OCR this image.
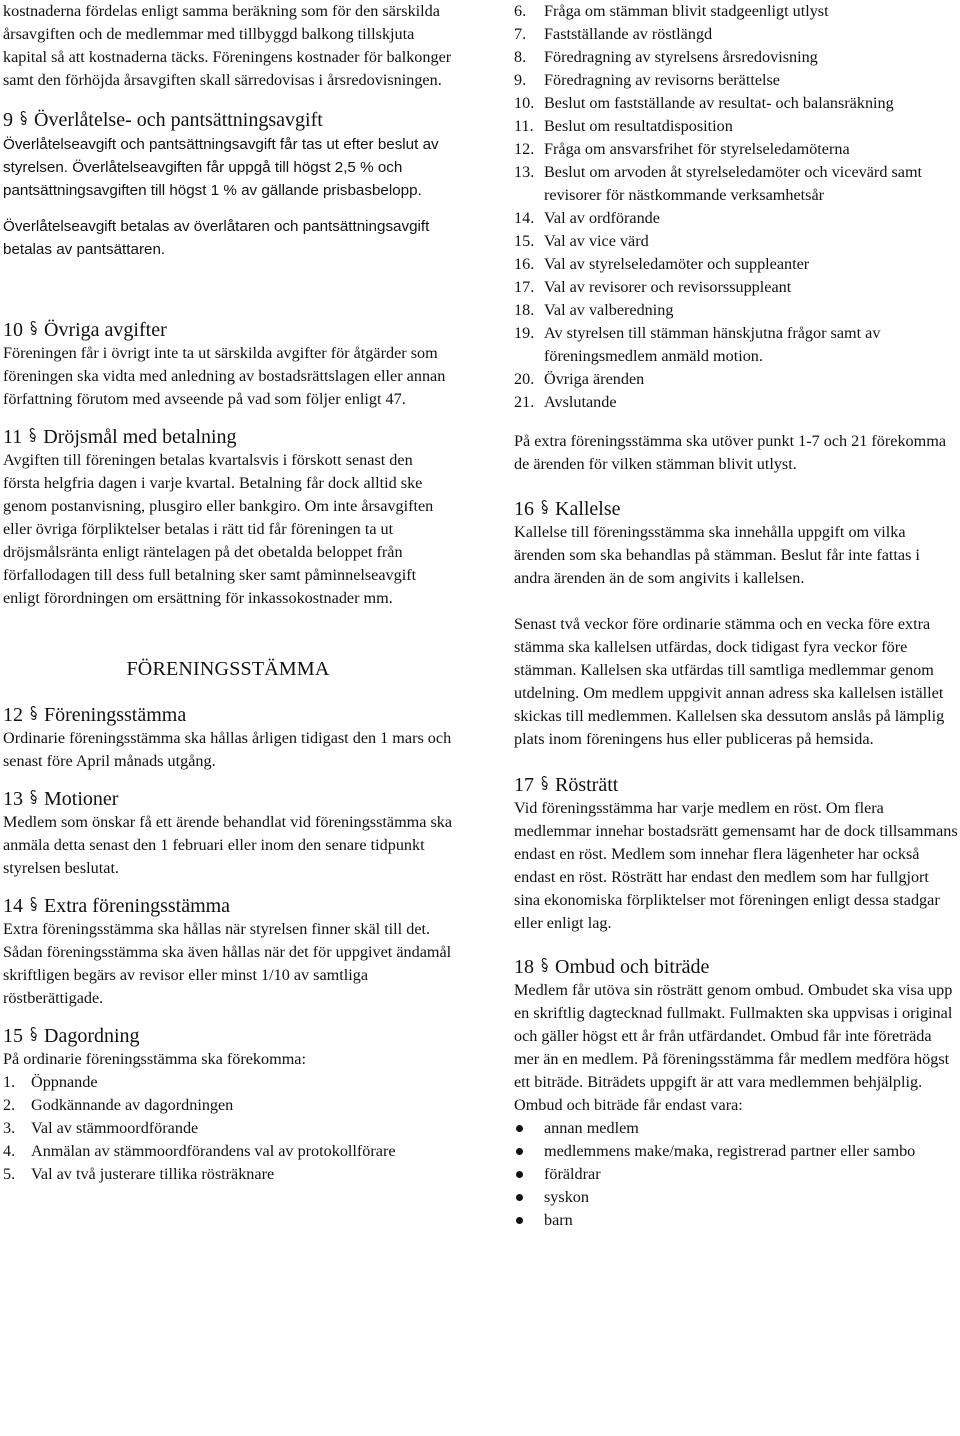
kostnaderna fördelas enligt samma beräkning som för den särskilda årsavgiften och de medlemmar med tillbyggd balkong tillskjuta kapital så att kostnaderna täcks. Föreningens kostnader för balkonger samt den förhöjda årsavgiften skall särredovisas i årsredovisningen.

9 Överlåtelse- och pantsättningsavgift

Överlåtelseavgift och pantsättningsavgift får tas ut efter beslut av styrelsen. Överlåtelseavgiften får uppgå till högst 2,5 % och pantsättningsavgiften till högst 1 % av gällande prisbasbelopp.

Överlåtelseavgift betalas av överlåtaren och pantsättningsavgift betalas av pantsättaren.

10 Övriga avgifter

Föreningen får i övrigt inte ta ut särskilda avgifter för åtgärder som föreningen ska vidta med anledning av bostadsrättslagen eller annan författning förutom med avseende på vad som följer enligt 47.

11 Dröjsmål med betalning

Avgiften till föreningen betalas kvartalsvis i förskott senast den första helgfria dagen i varje kvartal. Betalning får dock alltid ske genom postanvisning, plusgiro eller bankgiro. Om inte årsavgiften eller övriga förpliktelser betalas i rätt tid får föreningen ta ut dröjsmålsränta enligt räntelagen på det obetalda beloppet från förfallodagen till dess full betalning sker samt påminnelseavgift enligt förordningen om ersättning för inkassokostnader mm.

FÖRENINGSSTÄMMA

12 Föreningsstämma

Ordinarie föreningsstämma ska hållas årligen tidigast den 1 mars och senast före April månads utgång.

13 Motioner

Medlem som önskar få ett ärende behandlat vid föreningsstämma ska anmäla detta senast den 1 februari eller inom den senare tidpunkt styrelsen beslutat.

14 Extra föreningsstämma

Extra föreningsstämma ska hållas när styrelsen finner skäl till det. Sådan föreningsstämma ska även hållas när det för uppgivet ändamål skriftligen begärs av revisor eller minst 1/10 av samtliga röstberättigade.

15 Dagordning

På ordinarie föreningsstämma ska förekomma:

1. Öppnande
2. Godkännande av dagordningen
3. Val av stämmoordförande
4. Anmälan av stämmoordförandens val av protokollförare
5. Val av två justerare tillika rösträknare
6.	Fråga om stämman blivit stadgeenligt utlyst
7.	Fastställande av röstlängd
8.	Föredragning av styrelsens årsredovisning
9.	Föredragning av revisorns berättelse
10. Beslut om fastställande av resultat- och balansräkning
11. Beslut om resultatdisposition
12. Fråga om ansvarsfrihet för styrelseledamöterna
13. Beslut om arvoden åt styrelseledamöter och vicevärd samt revisorer för nästkommande verksamhetsår
14. Val av ordförande
15. Val av vice värd
16. Val av styrelseledamöter och suppleanter
17. Val av revisorer och revisorssuppleant
18. Val av valberedning
19. Av styrelsen till stämman hänskjutna frågor samt av föreningsmedlem anmäld motion.
20. Övriga ärenden
21. Avslutande

På extra föreningsstämma ska utöver punkt 1-7 och 21 förekomma de ärenden för vilken stämman blivit utlyst.

16 Kallelse

Kallelse till föreningsstämma ska innehålla uppgift om vilka ärenden som ska behandlas på stämman. Beslut får inte fattas i andra ärenden än de som angivits i kallelsen.

Senast två veckor före ordinarie stämma och en vecka före extra stämma ska kallelsen utfärdas, dock tidigast fyra veckor före stämman. Kallelsen ska utfärdas till samtliga medlemmar genom utdelning. Om medlem uppgivit annan adress ska kallelsen istället skickas till medlemmen. Kallelsen ska dessutom anslås på lämplig plats inom föreningens hus eller publiceras på hemsida.

17 Rösträtt

Vid föreningsstämma har varje medlem en röst. Om flera medlemmar innehar bostadsrätt gemensamt har de dock tillsammans endast en röst. Medlem som innehar flera lägenheter har också endast en röst. Rösträtt har endast den medlem som har fullgjort sina ekonomiska förpliktelser mot föreningen enligt dessa stadgar eller enligt lag.

18 Ombud och biträde

Medlem får utöva sin rösträtt genom ombud. Ombudet ska visa upp en skriftlig dagtecknad fullmakt. Fullmakten ska uppvisas i original och gäller högst ett år från utfärdandet. Ombud får inte företräda mer än en medlem. På föreningsstämma får medlem medföra högst ett biträde. Biträdets uppgift är att vara medlemmen behjälplig.

Ombud och biträde får endast vara:

annan medlem
medlemmens make/maka, registrerad partner eller sambo
föräldrar
syskon
barn
